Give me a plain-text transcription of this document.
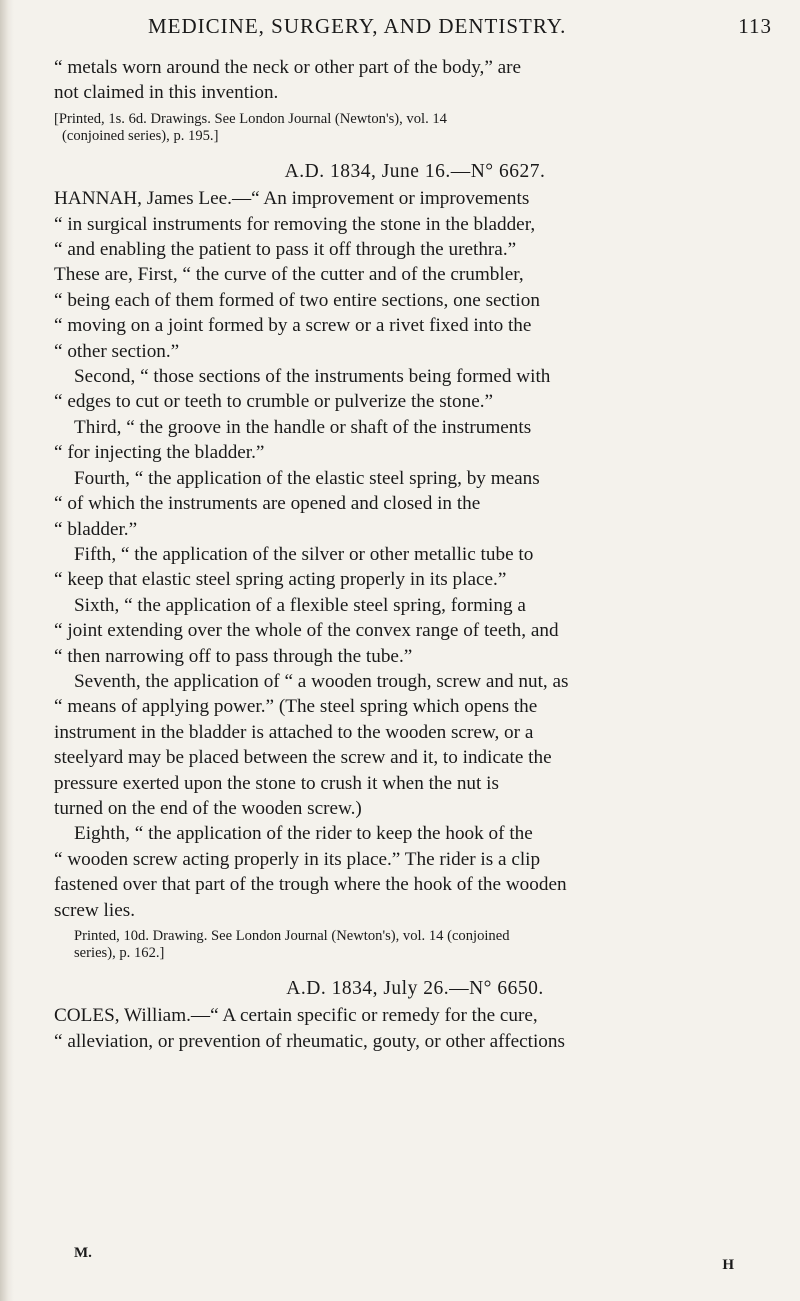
MEDICINE, SURGERY, AND DENTISTRY.	113
“ metals worn around the neck or other part of the body,” are
not claimed in this invention.
[Printed, 1s. 6d. Drawings. See London Journal (Newton's), vol. 14
(conjoined series), p. 195.]
A.D. 1834, June 16.—N° 6627.
HANNAH, James Lee.—“ An improvement or improvements
“ in surgical instruments for removing the stone in the bladder,
“ and enabling the patient to pass it off through the urethra.”
These are, First, “ the curve of the cutter and of the crumbler,
“ being each of them formed of two entire sections, one section
“ moving on a joint formed by a screw or a rivet fixed into the
“ other section.”
Second, “ those sections of the instruments being formed with
“ edges to cut or teeth to crumble or pulverize the stone.”
Third, “ the groove in the handle or shaft of the instruments
“ for injecting the bladder.”
Fourth, “ the application of the elastic steel spring, by means
“ of which the instruments are opened and closed in the
“ bladder.”
Fifth, “ the application of the silver or other metallic tube to
“ keep that elastic steel spring acting properly in its place.”
Sixth, “ the application of a flexible steel spring, forming a
“ joint extending over the whole of the convex range of teeth, and
“ then narrowing off to pass through the tube.”
Seventh, the application of “ a wooden trough, screw and nut, as
“ means of applying power.” (The steel spring which opens the
instrument in the bladder is attached to the wooden screw, or a
steelyard may be placed between the screw and it, to indicate the
pressure exerted upon the stone to crush it when the nut is
turned on the end of the wooden screw.)
Eighth, “ the application of the rider to keep the hook of the
“ wooden screw acting properly in its place.” The rider is a clip
fastened over that part of the trough where the hook of the wooden
screw lies.
Printed, 10d. Drawing. See London Journal (Newton's), vol. 14 (conjoined
series), p. 162.]
A.D. 1834, July 26.—N° 6650.
COLES, William.—“ A certain specific or remedy for the cure,
“ alleviation, or prevention of rheumatic, gouty, or other affections
M.
H
